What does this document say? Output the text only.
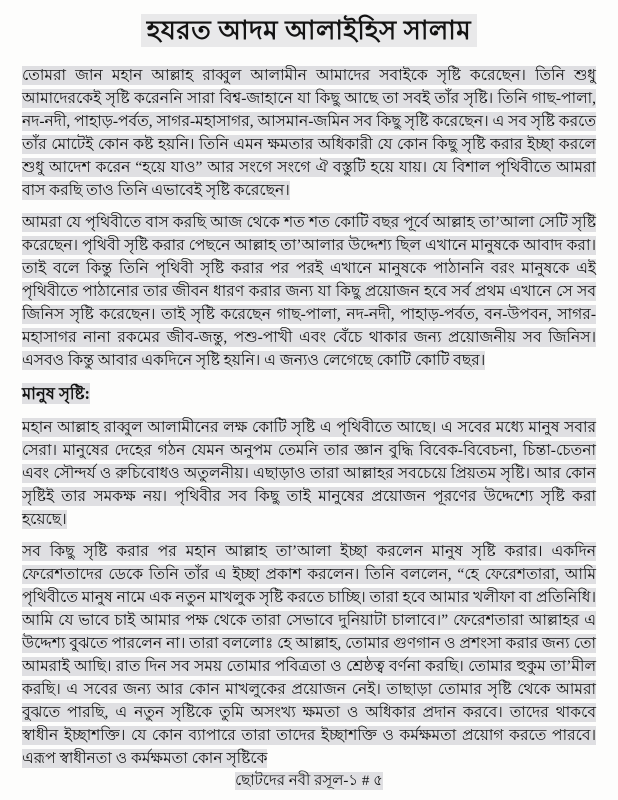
হযরত আদম আলাইহিস সালাম

তোমরা জান মহান আল্লাহ রাব্বুল আলামীন আমাদের সবাইকে সৃষ্টি করেছেন। তিনি শুধু আমাদেরকেই সৃষ্টি করেননি সারা বিশ্ব-জাহানে যা কিছু আছে তা সবই তাঁর সৃষ্টি। তিনি গাছ-পালা, নদ-নদী, পাহাড়-পর্বত, সাগর-মহাসাগর, আসমান-জমিন সব কিছু সৃষ্টি করেছেন। এ সব সৃষ্টি করতে তাঁর মোটেই কোন কষ্ট হয়নি। তিনি এমন ক্ষমতার অধিকারী যে কোন কিছু সৃষ্টি করার ইচ্ছা করলে শুধু আদেশ করেন “হয়ে যাও” আর সংগে সংগে ঐ বস্তুটি হয়ে যায়। যে বিশাল পৃথিবীতে আমরা বাস করছি তাও তিনি এভাবেই সৃষ্টি করেছেন।

আমরা যে পৃথিবীতে বাস করছি আজ থেকে শত শত কোটি বছর পূর্বে আল্লাহ তা’আলা সেটি সৃষ্টি করেছেন। পৃথিবী সৃষ্টি করার পেছনে আল্লাহ তা’আলার উদ্দেশ্য ছিল এখানে মানুষকে আবাদ করা। তাই বলে কিন্তু তিনি পৃথিবী সৃষ্টি করার পর পরই এখানে মানুষকে পাঠাননি বরং মানুষকে এই পৃথিবীতে পাঠানোর তার জীবন ধারণ করার জন্য যা কিছু প্রয়োজন হবে সর্ব প্রথম এখানে সে সব জিনিস সৃষ্টি করেছেন। তাই সৃষ্টি করেছেন গাছ-পালা, নদ-নদী, পাহাড়-পর্বত, বন-উপবন, সাগর-মহাসাগর নানা রকমের জীব-জন্তু, পশু-পাখী এবং বেঁচে থাকার জন্য প্রয়োজনীয় সব জিনিস। এসবও কিন্তু আবার একদিনে সৃষ্টি হয়নি। এ জন্যও লেগেছে কোটি কোটি বছর।

মানুষ সৃষ্টি:

মহান আল্লাহ রাব্বুল আলামীনের লক্ষ কোটি সৃষ্টি এ পৃথিবীতে আছে। এ সবের মধ্যে মানুষ সবার সেরা। মানুষের দেহের গঠন যেমন অনুপম তেমনি তার জ্ঞান বুদ্ধি বিবেক-বিবেচনা, চিন্তা-চেতনা এবং সৌন্দর্য ও রুচিবোধও অতুলনীয়। এছাড়াও তারা আল্লাহর সবচেয়ে প্রিয়তম সৃষ্টি। আর কোন সৃষ্টিই তার সমকক্ষ নয়। পৃথিবীর সব কিছু তাই মানুষের প্রয়োজন পূরণের উদ্দেশ্যে সৃষ্টি করা হয়েছে।

সব কিছু সৃষ্টি করার পর মহান আল্লাহ তা’আলা ইচ্ছা করলেন মানুষ সৃষ্টি করার। একদিন ফেরেশতাদের ডেকে তিনি তাঁর এ ইচ্ছা প্রকাশ করলেন। তিনি বললেন, “হে ফেরেশতারা, আমি পৃথিবীতে মানুষ নামে এক নতুন মাখলুক সৃষ্টি করতে চাচ্ছি। তারা হবে আমার খলীফা বা প্রতিনিধি। আমি যে ভাবে চাই আমার পক্ষ থেকে তারা সেভাবে দুনিয়াটা চালাবে।” ফেরেশতারা আল্লাহর এ উদ্দেশ্য বুঝতে পারলেন না। তারা বললোঃ হে আল্লাহ, তোমার গুণগান ও প্রশংসা করার জন্য তো আমরাই আছি। রাত দিন সব সময় তোমার পবিত্রতা ও শ্রেষ্ঠত্ব বর্ণনা করছি। তোমার হুকুম তা’মীল করছি। এ সবের জন্য আর কোন মাখলুকের প্রয়োজন নেই। তাছাড়া তোমার সৃষ্টি থেকে আমরা বুঝতে পারছি, এ নতুন সৃষ্টিকে তুমি অসংখ্য ক্ষমতা ও অধিকার প্রদান করবে। তাদের থাকবে স্বাধীন ইচ্ছাশক্তি। যে কোন ব্যাপারে তারা তাদের ইচ্ছাশক্তি ও কর্মক্ষমতা প্রয়োগ করতে পারবে। এরূপ স্বাধীনতা ও কর্মক্ষমতা কোন সৃষ্টিকে

ছোটদের নবী রসূল-১ # ৫
